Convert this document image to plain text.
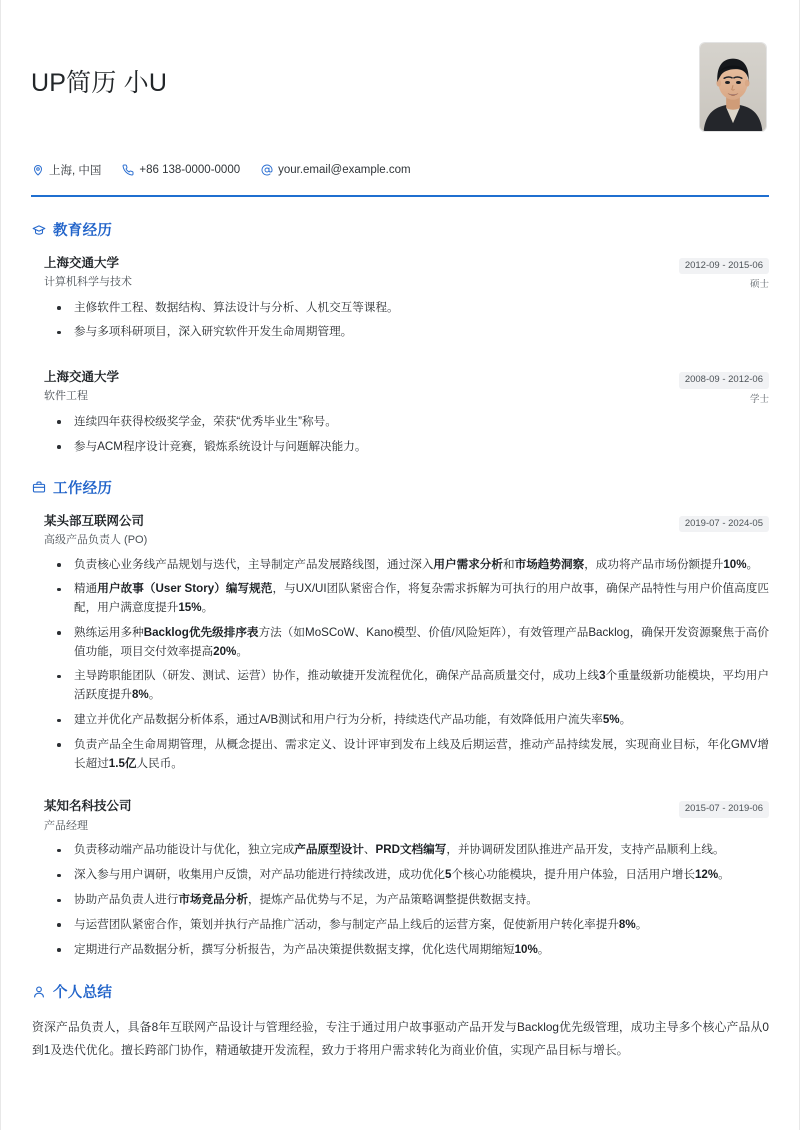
UP简历 小U
上海, 中国	+86 138-0000-0000	your.email@example.com
教育经历
上海交通大学
计算机科学与技术
2012-09 - 2015-06
硕士
主修软件工程、数据结构、算法设计与分析、人机交互等课程。
参与多项科研项目，深入研究软件开发生命周期管理。
上海交通大学
软件工程
2008-09 - 2012-06
学士
连续四年获得校级奖学金，荣获“优秀毕业生”称号。
参与ACM程序设计竞赛，锻炼系统设计与问题解决能力。
工作经历
某头部互联网公司
高级产品负责人 (PO)
2019-07 - 2024-05
负责核心业务线产品规划与迭代，主导制定产品发展路线图，通过深入用户需求分析和市场趋势洞察，成功将产品市场份额提升10%。
精通用户故事（User Story）编写规范，与UX/UI团队紧密合作，将复杂需求拆解为可执行的用户故事，确保产品特性与用户价值高度匹配，用户满意度提升15%。
熟练运用多种Backlog优先级排序表方法（如MoSCoW、Kano模型、价值/风险矩阵），有效管理产品Backlog，确保开发资源聚焦于高价值功能，项目交付效率提高20%。
主导跨职能团队（研发、测试、运营）协作，推动敏捷开发流程优化，确保产品高质量交付，成功上线3个重量级新功能模块，平均用户活跃度提升8%。
建立并优化产品数据分析体系，通过A/B测试和用户行为分析，持续迭代产品功能，有效降低用户流失率5%。
负责产品全生命周期管理，从概念提出、需求定义、设计评审到发布上线及后期运营，推动产品持续发展，实现商业目标，年化GMV增长超过1.5亿人民币。
某知名科技公司
产品经理
2015-07 - 2019-06
负责移动端产品功能设计与优化，独立完成产品原型设计、PRD文档编写，并协调研发团队推进产品开发，支持产品顺利上线。
深入参与用户调研，收集用户反馈，对产品功能进行持续改进，成功优化5个核心功能模块，提升用户体验，日活用户增长12%。
协助产品负责人进行市场竞品分析，提炼产品优势与不足，为产品策略调整提供数据支持。
与运营团队紧密合作，策划并执行产品推广活动，参与制定产品上线后的运营方案，促使新用户转化率提升8%。
定期进行产品数据分析，撰写分析报告，为产品决策提供数据支撑，优化迭代周期缩短10%。
个人总结

资深产品负责人，具备8年互联网产品设计与管理经验，专注于通过用户故事驱动产品开发与Backlog优先级管理，成功主导多个核心产品从0到1及迭代优化。擅长跨部门协作，精通敏捷开发流程，致力于将用户需求转化为商业价值，实现产品目标与增长。
